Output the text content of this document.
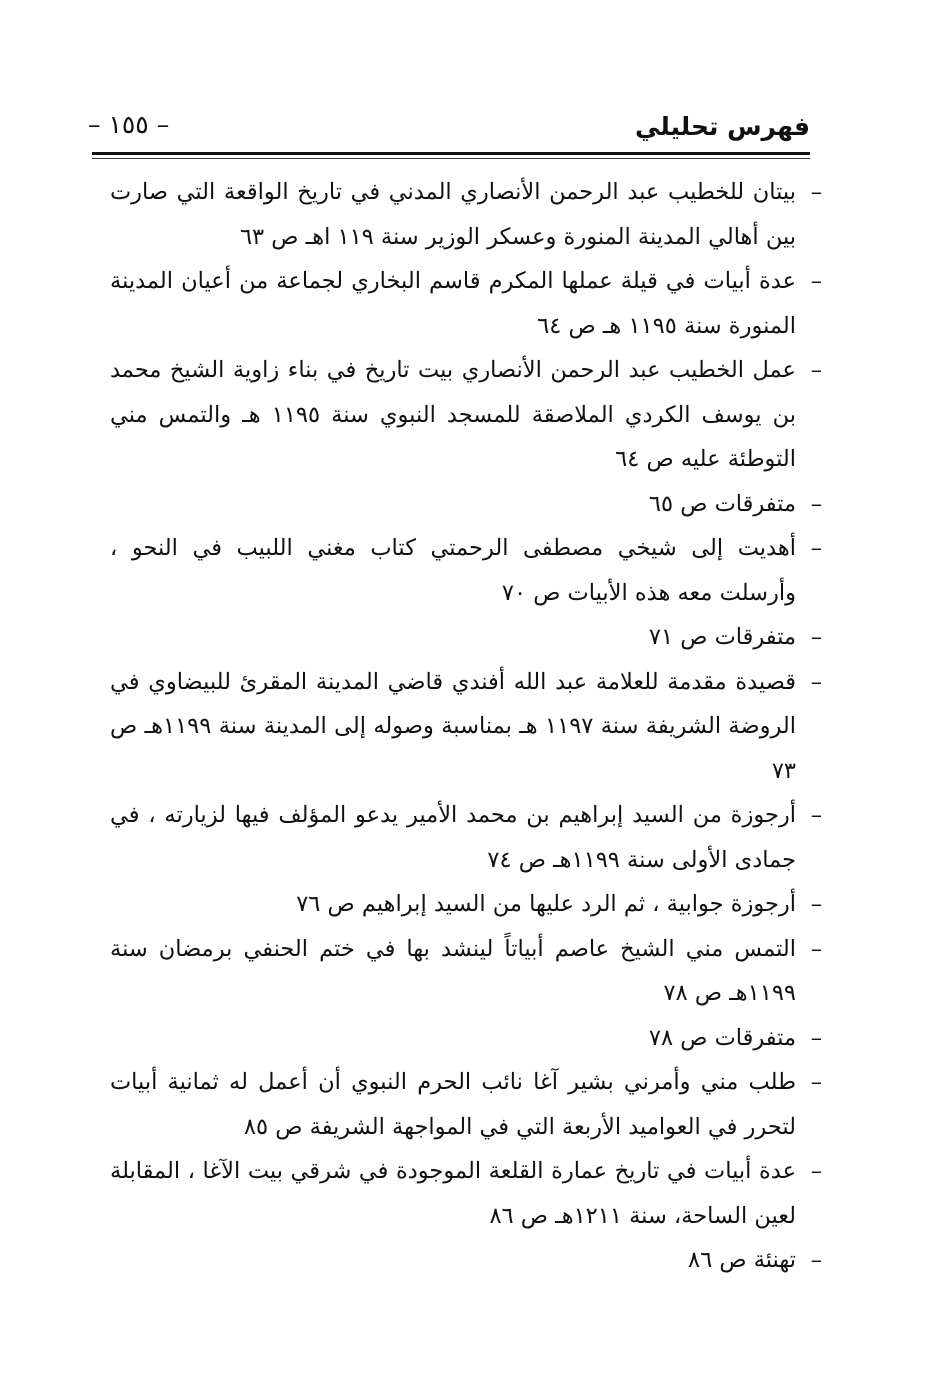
فهرس تحليلي
– ١٥٥ –
–
بيتان للخطيب عبد الرحمن الأنصاري المدني في تاريخ الواقعة التي صارت بين أهالي المدينة المنورة وعسكر الوزير سنة ١١٩ اهـ ص ٦٣
–
عدة أبيات في قيلة عملها المكرم قاسم البخاري لجماعة من أعيان المدينة المنورة سنة ١١٩٥ هـ ص ٦٤
–
عمل الخطيب عبد الرحمن الأنصاري بيت تاريخ في بناء زاوية الشيخ محمد بن يوسف الكردي الملاصقة للمسجد النبوي سنة ١١٩٥ هـ والتمس مني التوطئة عليه ص ٦٤
–
متفرقات ص ٦٥
–
أهديت إلى شيخي مصطفى الرحمتي كتاب مغني اللبيب في النحو ، وأرسلت معه هذه الأبيات ص ٧٠
–
متفرقات ص ٧١
–
قصيدة مقدمة للعلامة عبد الله أفندي قاضي المدينة المقرئ للبيضاوي في الروضة الشريفة سنة ١١٩٧ هـ بمناسبة وصوله إلى المدينة سنة ١١٩٩هـ ص ٧٣
–
أرجوزة من السيد إبراهيم بن محمد الأمير يدعو المؤلف فيها لزيارته ، في جمادى الأولى سنة ١١٩٩هـ ص ٧٤
–
أرجوزة جوابية ، ثم الرد عليها من السيد إبراهيم ص ٧٦
–
التمس مني الشيخ عاصم أبياتاً لينشد بها في ختم الحنفي برمضان سنة ١١٩٩هـ ص ٧٨
–
متفرقات ص ٧٨
–
طلب مني وأمرني بشير آغا نائب الحرم النبوي أن أعمل له ثمانية أبيات لتحرر في العواميد الأربعة التي في المواجهة الشريفة ص ٨٥
–
عدة أبيات في تاريخ عمارة القلعة الموجودة في شرقي بيت الآغا ، المقابلة لعين الساحة، سنة ١٢١١هـ ص ٨٦
–
تهنئة ص ٨٦
